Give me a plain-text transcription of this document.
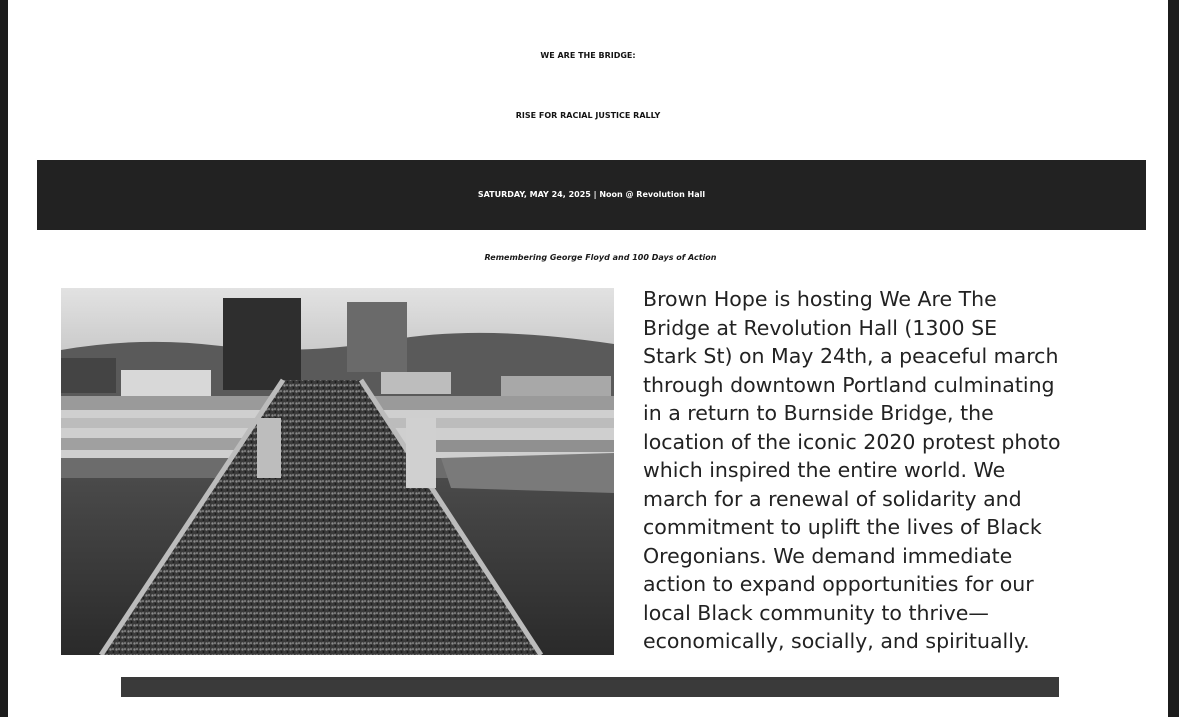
WE ARE THE BRIDGE:
RISE FOR RACIAL JUSTICE RALLY
SATURDAY, MAY 24, 2025 | Noon @ Revolution Hall
Remembering George Floyd and 100 Days of Action
Brown Hope is hosting We Are The
Bridge at Revolution Hall (1300 SE
Stark St) on May 24th, a peaceful march
through downtown Portland culminating
in a return to Burnside Bridge, the
location of the iconic 2020 protest photo
which inspired the entire world. We
march for a renewal of solidarity and
commitment to uplift the lives of Black
Oregonians. We demand immediate
action to expand opportunities for our
local Black community to thrive—
economically, socially, and spiritually.
